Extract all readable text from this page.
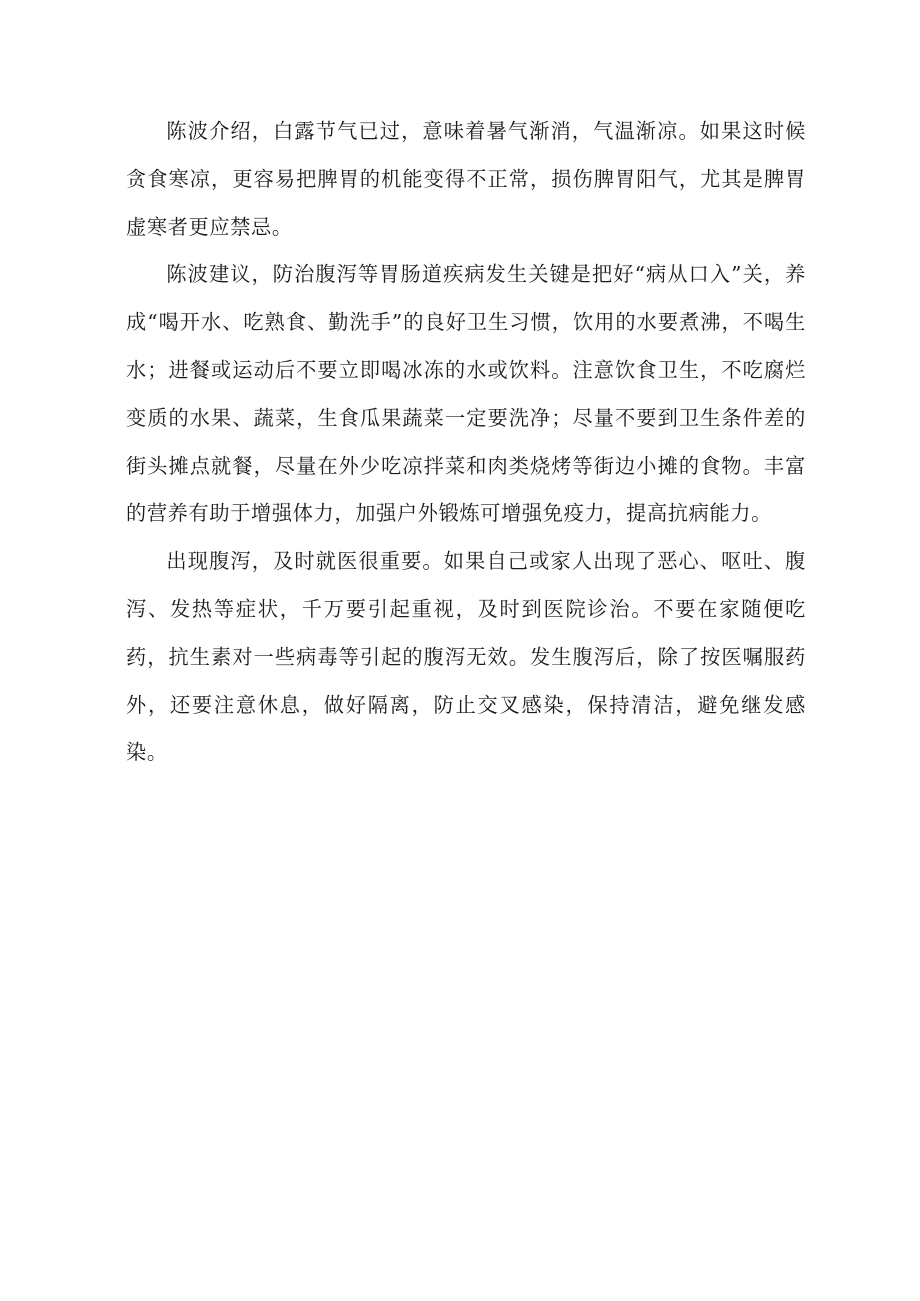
陈波介绍，白露节气已过，意味着暑气渐消，气温渐凉。如果这时候贪食寒凉，更容易把脾胃的机能变得不正常，损伤脾胃阳气，尤其是脾胃虚寒者更应禁忌。

陈波建议，防治腹泻等胃肠道疾病发生关键是把好“病从口入”关，养成“喝开水、吃熟食、勤洗手”的良好卫生习惯，饮用的水要煮沸，不喝生水；进餐或运动后不要立即喝冰冻的水或饮料。注意饮食卫生，不吃腐烂变质的水果、蔬菜，生食瓜果蔬菜一定要洗净；尽量不要到卫生条件差的街头摊点就餐，尽量在外少吃凉拌菜和肉类烧烤等街边小摊的食物。丰富的营养有助于增强体力，加强户外锻炼可增强免疫力，提高抗病能力。

出现腹泻，及时就医很重要。如果自己或家人出现了恶心、呕吐、腹泻、发热等症状，千万要引起重视，及时到医院诊治。不要在家随便吃药，抗生素对一些病毒等引起的腹泻无效。发生腹泻后，除了按医嘱服药外，还要注意休息，做好隔离，防止交叉感染，保持清洁，避免继发感染。
